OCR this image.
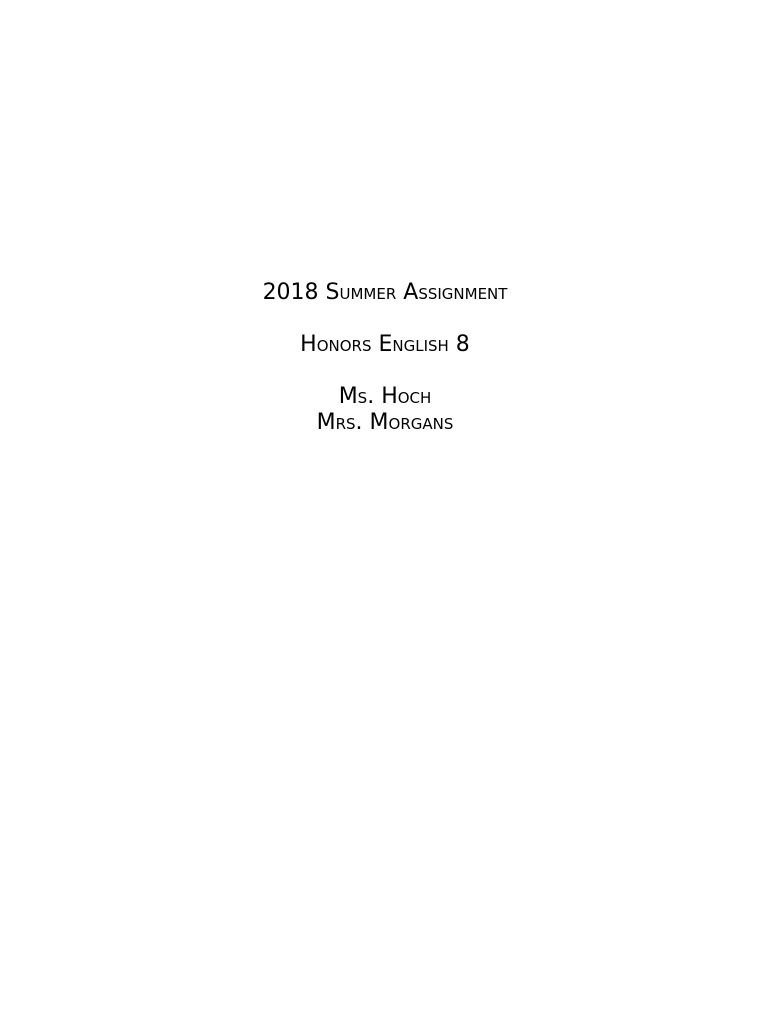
2018 Summer Assignment
Honors English 8
Ms. Hoch
Mrs. Morgans
